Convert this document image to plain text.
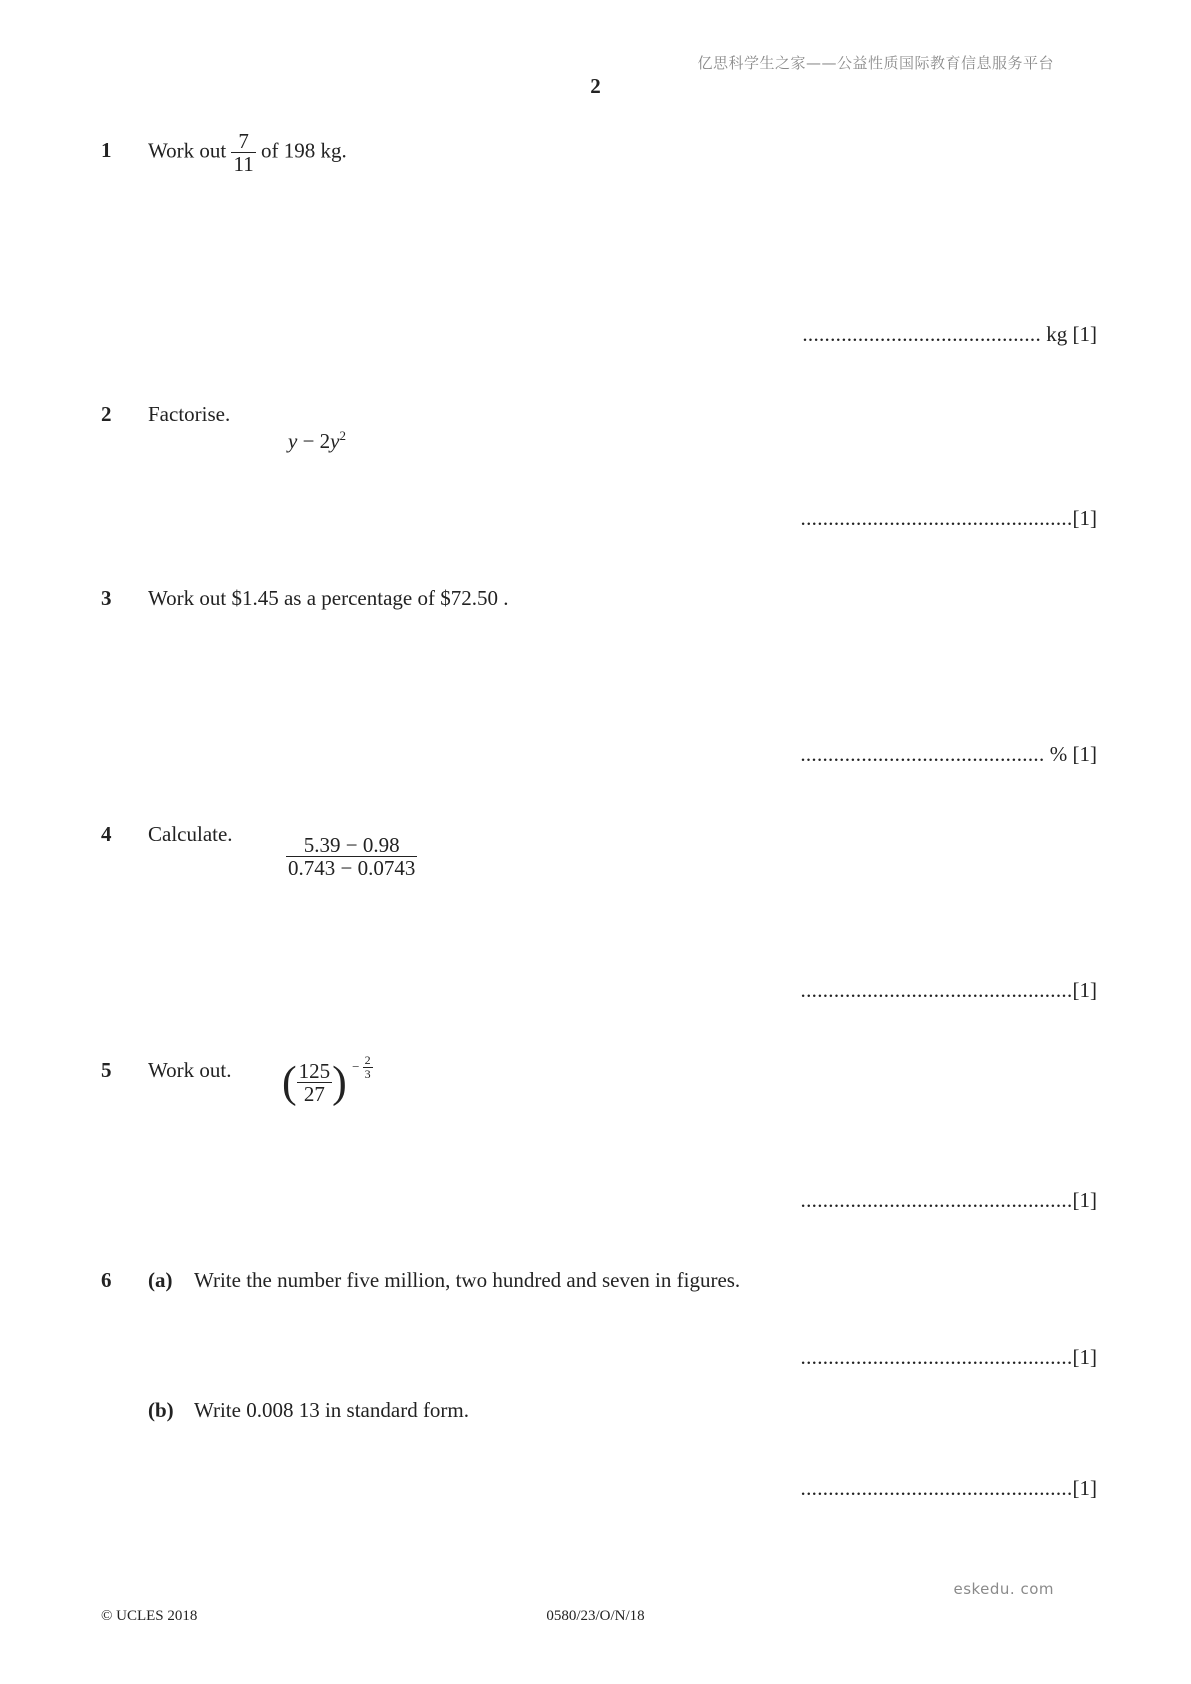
亿思科学生之家——公益性质国际教育信息服务平台
2
1 Work out $\frac{7}{11}$ of 198 kg.
........................................... kg [1]
2 Factorise.
$y - 2y^2$
.................................................[1]
3 Work out $1.45 as a percentage of $72.50 .
............................................ % [1]
4 Calculate.	$\frac{5.39 - 0.98}{0.743 - 0.0743}$
.................................................[1]
5 Work out. ( $\frac{125}{27}$ ) − $\frac{2}{3}$
.................................................[1]
6 (a) Write the number five million, two hundred and seven in figures.
.................................................[1]
(b) Write 0.008 13 in standard form.
.................................................[1]
eskedu. com
© UCLES 2018	0580/23/O/N/18
